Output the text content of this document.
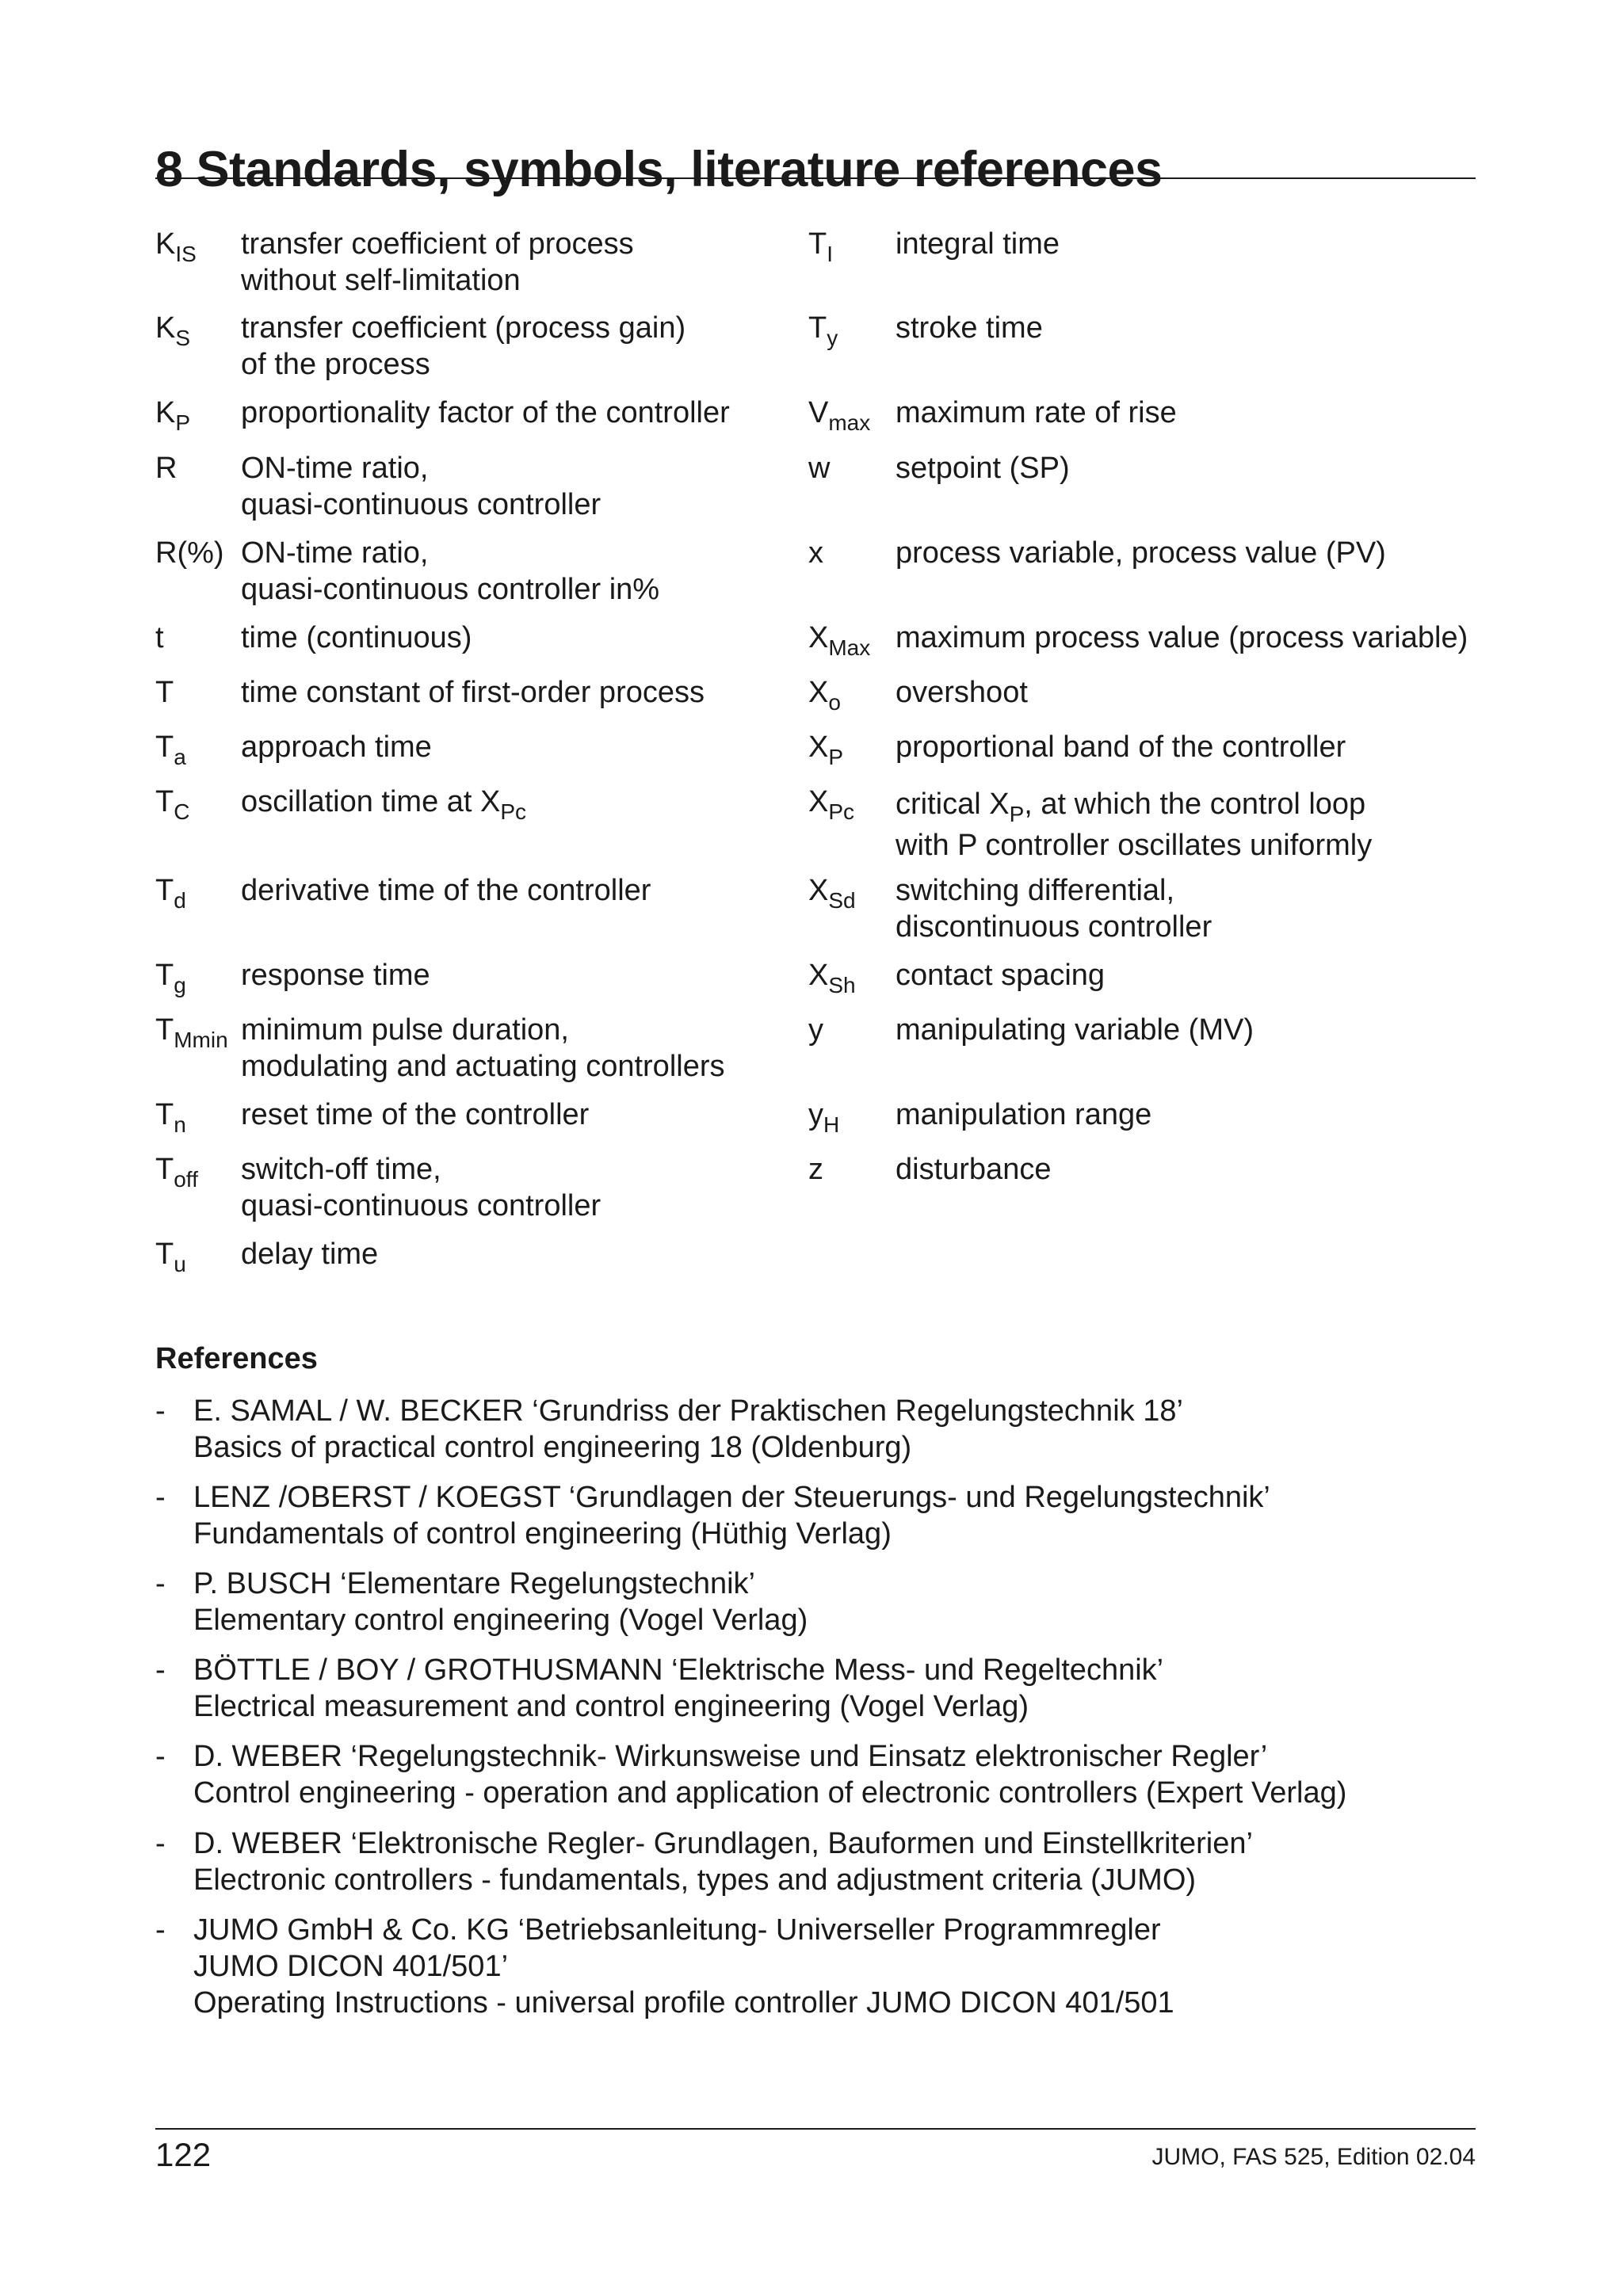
8 Standards, symbols, literature references
$K_{IS}$	transfer coefficient of process
without self-limitation
$K_S$	transfer coefficient (process gain)
of the process
$K_P$	proportionality factor of the controller
R	ON-time ratio,
quasi-continuous controller
R(%) ON-time ratio,
quasi-continuous controller in%
t	time (continuous)
T	time constant of first-order process
$T_a$	approach time
$T_C$	oscillation time at $X_{Pc}$
$T_d$	derivative time of the controller
$T_g$	response time
$T_{Mmin}$ minimum pulse duration,
modulating and actuating controllers
$T_n$	reset time of the controller
$T_{off}$	switch-off time,
quasi-continuous controller
$T_u$	delay time
$T_I$	integral time
$T_y$	stroke time
$V_{max}$ maximum rate of rise
w	setpoint (SP)
x	process variable, process value (PV)
$X_{Max}$ maximum process value (process variable)
$X_o$	overshoot
$X_P$	proportional band of the controller
$X_{Pc}$	critical $X_P$, at which the control loop
with P controller oscillates uniformly
$X_{Sd}$	switching differential,
discontinuous controller
$X_{Sh}$	contact spacing
y	manipulating variable (MV)
$y_H$	manipulation range
z	disturbance
References
- E. SAMAL / W. BECKER ‘Grundriss der Praktischen Regelungstechnik 18’
Basics of practical control engineering 18 (Oldenburg)
- LENZ /OBERST / KOEGST ‘Grundlagen der Steuerungs- und Regelungstechnik’
Fundamentals of control engineering (Hüthig Verlag)
- P. BUSCH ‘Elementare Regelungstechnik’
Elementary control engineering (Vogel Verlag)
- BÖTTLE / BOY / GROTHUSMANN ‘Elektrische Mess- und Regeltechnik’
Electrical measurement and control engineering (Vogel Verlag)
- D. WEBER ‘Regelungstechnik- Wirkunsweise und Einsatz elektronischer Regler’
Control engineering - operation and application of electronic controllers (Expert Verlag)
- D. WEBER ‘Elektronische Regler- Grundlagen, Bauformen und Einstellkriterien’
Electronic controllers - fundamentals, types and adjustment criteria (JUMO)
- JUMO GmbH & Co. KG ‘Betriebsanleitung- Universeller Programmregler
JUMO DICON 401/501’
Operating Instructions - universal profile controller JUMO DICON 401/501
122	JUMO, FAS 525, Edition 02.04
